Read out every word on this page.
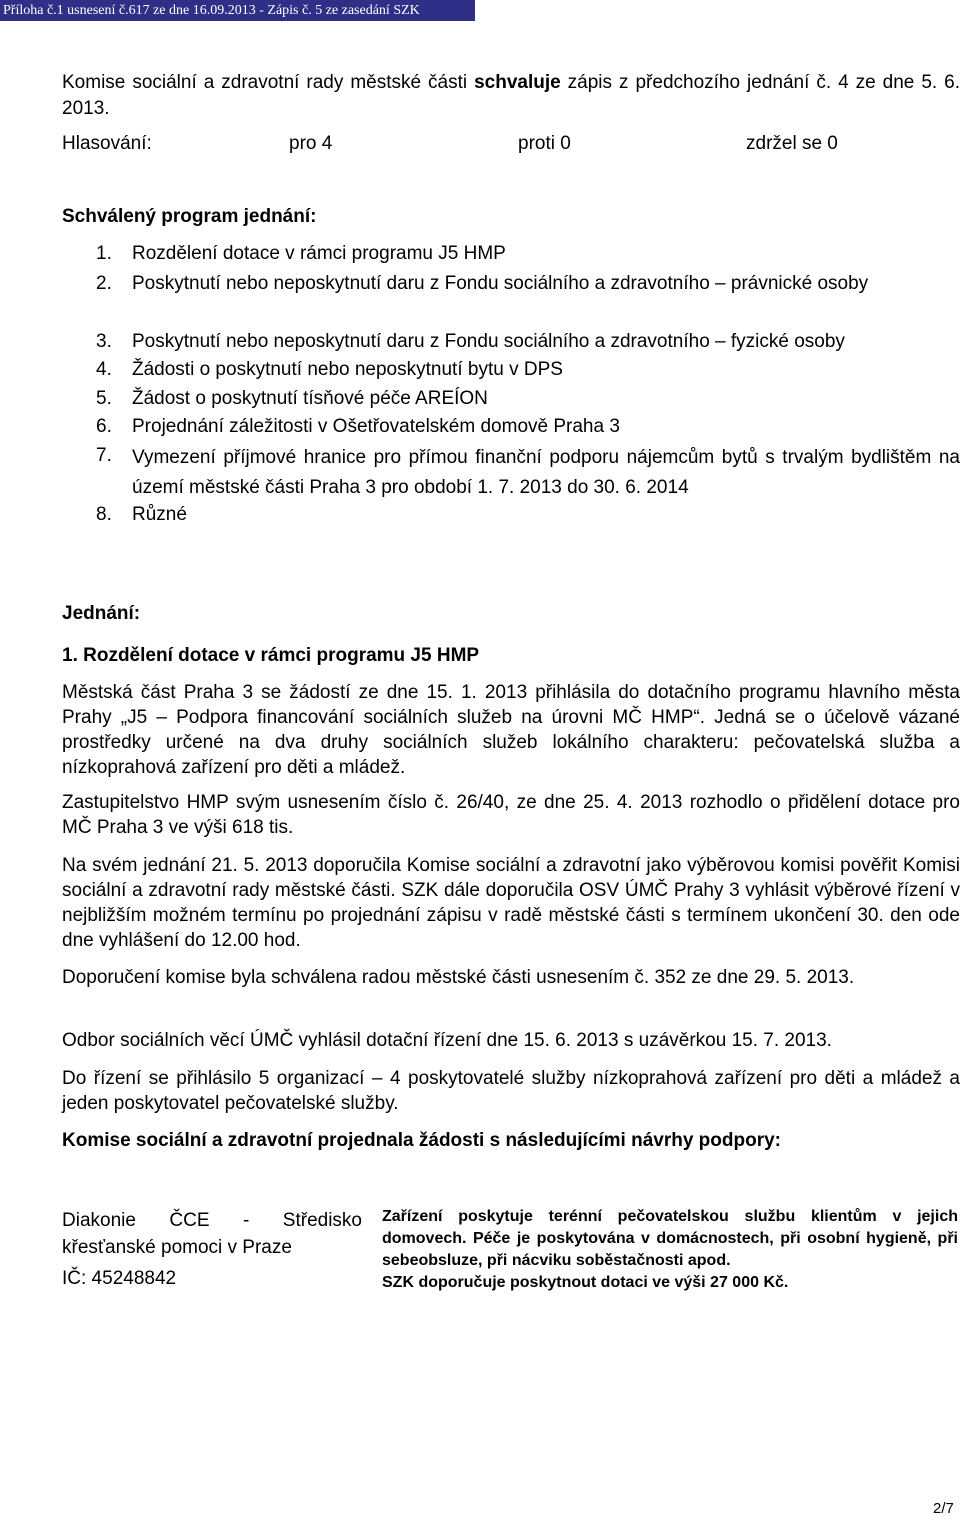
Příloha č.1 usnesení č.617 ze dne 16.09.2013 - Zápis č. 5 ze zasedání SZK

Komise sociální a zdravotní rady městské části schvaluje zápis z předchozího jednání č. 4 ze dne 5. 6. 2013.

Hlasování:	pro 4	proti 0	zdržel se 0

Schválený program jednání:

1. Rozdělení dotace v rámci programu J5 HMP
2. Poskytnutí nebo neposkytnutí daru z Fondu sociálního a zdravotního – právnické osoby
3. Poskytnutí nebo neposkytnutí daru z Fondu sociálního a zdravotního – fyzické osoby
4. Žádosti o poskytnutí nebo neposkytnutí bytu v DPS
5. Žádost o poskytnutí tísňové péče AREÍON
6. Projednání záležitosti v Ošetřovatelském domově Praha 3
7. Vymezení příjmové hranice pro přímou finanční podporu nájemcům bytů s trvalým bydlištěm na území městské části Praha 3 pro období 1. 7. 2013 do 30. 6. 2014
8. Různé

Jednání:

1. Rozdělení dotace v rámci programu J5 HMP

Městská část Praha 3 se žádostí ze dne 15. 1. 2013 přihlásila do dotačního programu hlavního města Prahy „J5 – Podpora financování sociálních služeb na úrovni MČ HMP“. Jedná se o účelově vázané prostředky určené na dva druhy sociálních služeb lokálního charakteru: pečovatelská služba a nízkoprahová zařízení pro děti a mládež.

Zastupitelstvo HMP svým usnesením číslo č. 26/40, ze dne 25. 4. 2013 rozhodlo o přidělení dotace pro MČ Praha 3 ve výši 618 tis.

Na svém jednání 21. 5. 2013 doporučila Komise sociální a zdravotní jako výběrovou komisi pověřit Komisi sociální a zdravotní rady městské části. SZK dále doporučila OSV ÚMČ Prahy 3 vyhlásit výběrové řízení v nejbližším možném termínu po projednání zápisu v radě městské části s termínem ukončení 30. den ode dne vyhlášení do 12.00 hod.

Doporučení komise byla schválena radou městské části usnesením č. 352 ze dne 29. 5. 2013.

Odbor sociálních věcí ÚMČ vyhlásil dotační řízení dne 15. 6. 2013 s uzávěrkou 15. 7. 2013.

Do řízení se přihlásilo 5 organizací – 4 poskytovatelé služby nízkoprahová zařízení pro děti a mládež a jeden poskytovatel pečovatelské služby.

Komise sociální a zdravotní projednala žádosti s následujícími návrhy podpory:

Diakonie ČCE - Středisko křesťanské pomoci v Praze
IČ: 45248842
Zařízení poskytuje terénní pečovatelskou službu klientům v jejich domovech. Péče je poskytována v domácnostech, při osobní hygieně, při sebeobsluze, při nácviku soběstačnosti apod.
SZK doporučuje poskytnout dotaci ve výši 27 000 Kč.
2/7
